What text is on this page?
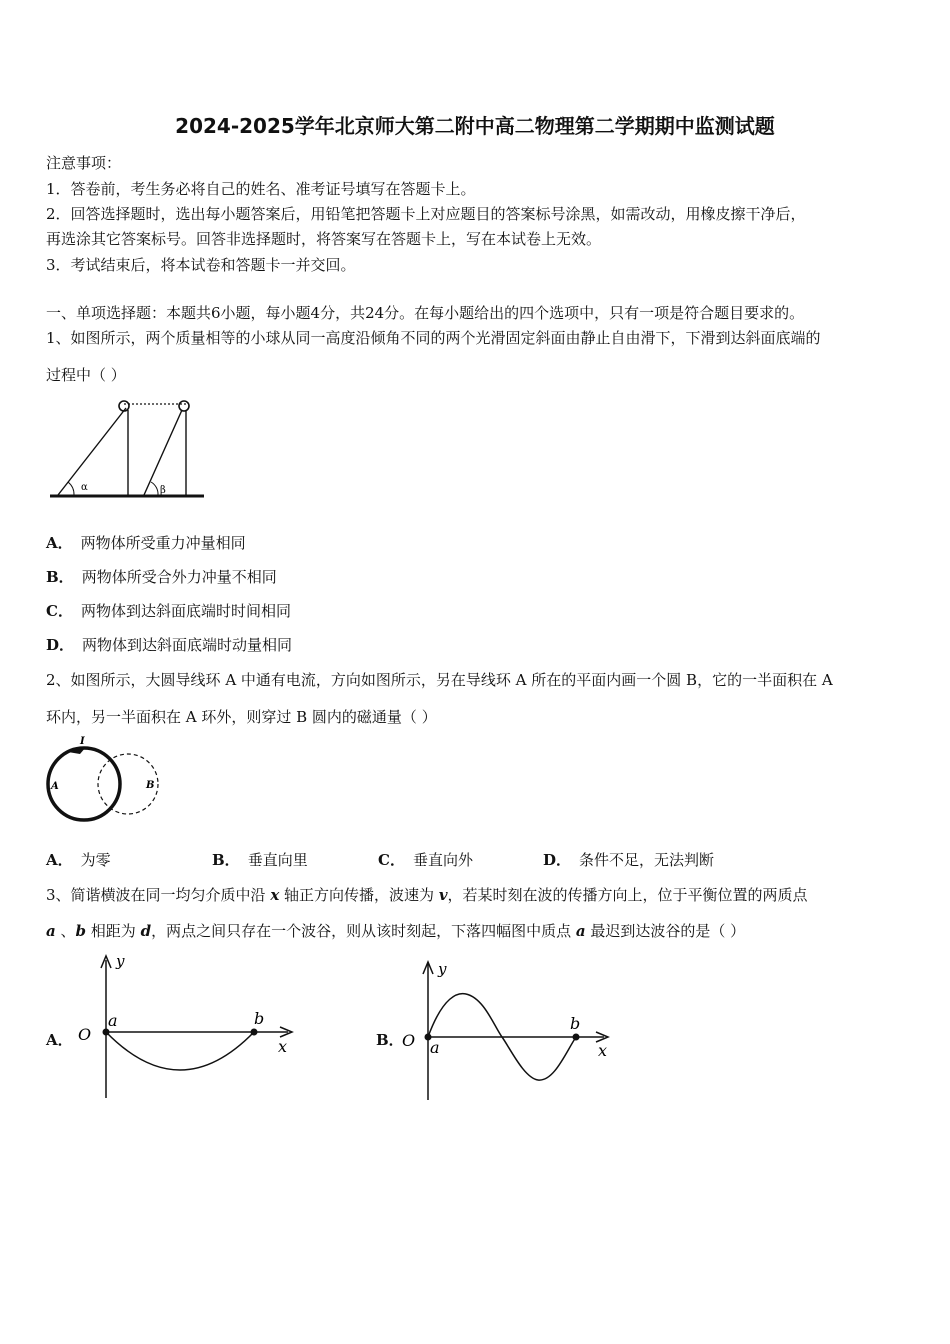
2024-2025学年北京师大第二附中高二物理第二学期期中监测试题
注意事项：
1．答卷前，考生务必将自己的姓名、准考证号填写在答题卡上。
2．回答选择题时，选出每小题答案后，用铅笔把答题卡上对应题目的答案标号涂黑，如需改动，用橡皮擦干净后，
再选涂其它答案标号。回答非选择题时，将答案写在答题卡上，写在本试卷上无效。
3．考试结束后，将本试卷和答题卡一并交回。
一、单项选择题：本题共6小题，每小题4分，共24分。在每小题给出的四个选项中，只有一项是符合题目要求的。
1、如图所示，两个质量相等的小球从同一高度沿倾角不同的两个光滑固定斜面由静止自由滑下，下滑到达斜面底端的
过程中（ ）
α	β
A． 两物体所受重力冲量相同
B． 两物体所受合外力冲量不相同
C． 两物体到达斜面底端时时间相同
D． 两物体到达斜面底端时动量相同
2、如图所示，大圆导线环 A 中通有电流，方向如图所示，另在导线环 A 所在的平面内画一个圆 B，它的一半面积在 A
环内，另一半面积在 A 环外，则穿过 B 圆内的磁通量（ ）
I
A	B
A． 为零	B． 垂直向里	C． 垂直向外	D． 条件不足，无法判断
3、简谐横波在同一均匀介质中沿 x 轴正方向传播，波速为 v，若某时刻在波的传播方向上，位于平衡位置的两质点
a 、b 相距为 d，两点之间只存在一个波谷，则从该时刻起，下落四幅图中质点 a 最迟到达波谷的是（ ）
A．
y
O
a	b
x	B．
y
O a
b
x
